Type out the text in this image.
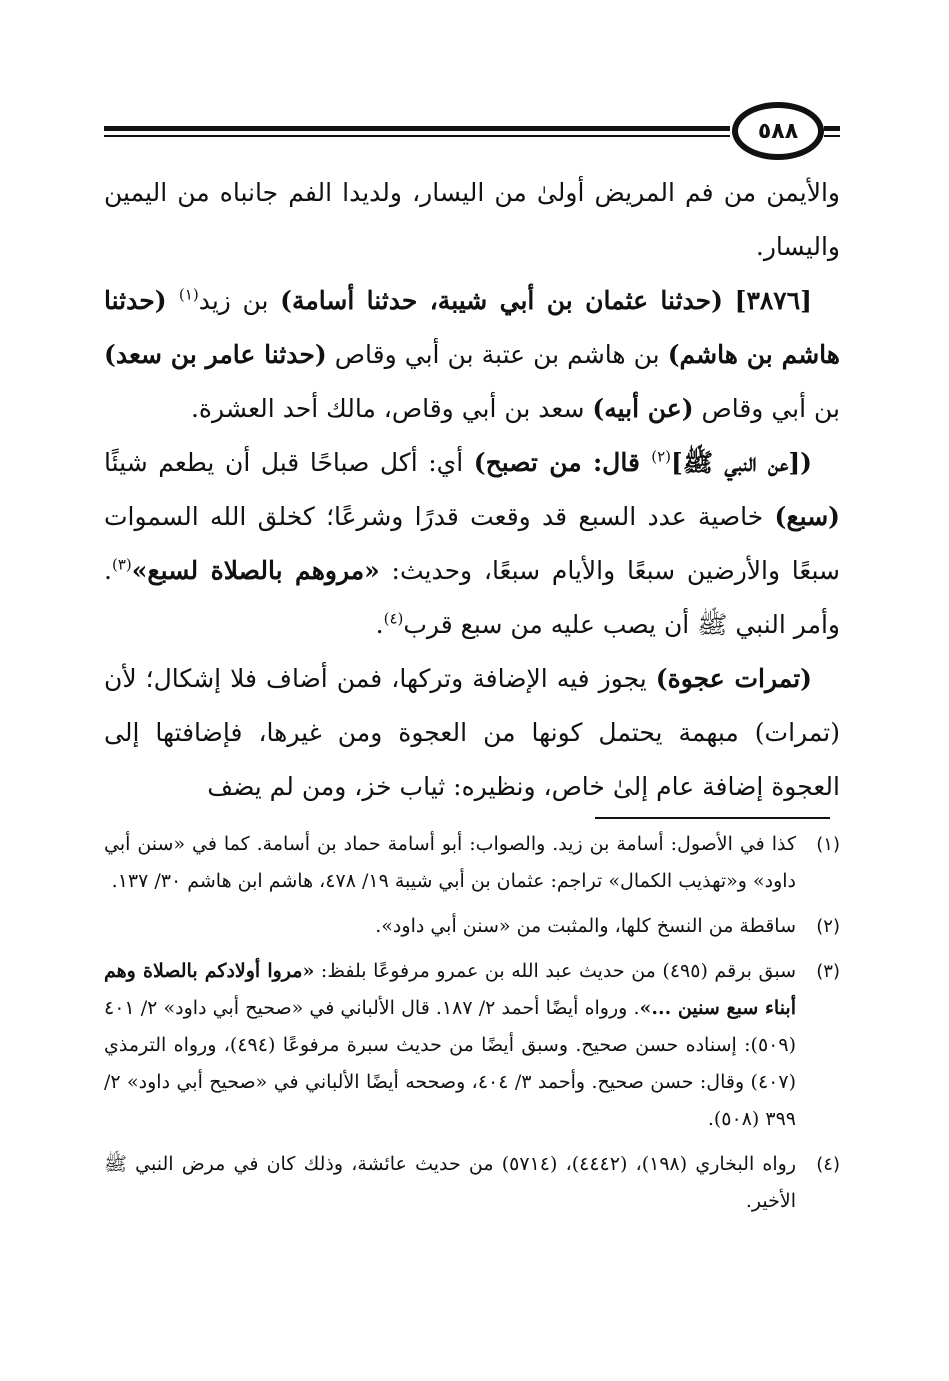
٥٨٨

والأيمن من فم المريض أولىٰ من اليسار، ولديدا الفم جانباه من اليمين واليسار.

[٣٨٧٦] (حدثنا عثمان بن أبي شيبة، حدثنا أسامة) بن زيد$^{(١)}$ (حدثنا هاشم بن هاشم) بن هاشم بن عتبة بن أبي وقاص (حدثنا عامر بن سعد) بن أبي وقاص (عن أبيه) سعد بن أبي وقاص، مالك أحد العشرة.

([عن النبي ﷺ]$^{(٢)}$ قال: من تصبح) أي: أكل صباحًا قبل أن يطعم شيئًا (سبع) خاصية عدد السبع قد وقعت قدرًا وشرعًا؛ كخلق الله السموات سبعًا والأرضين سبعًا والأيام سبعًا، وحديث: «مروهم بالصلاة لسبع»$^{(٣)}$. وأمر النبي ﷺ أن يصب عليه من سبع قرب$^{(٤)}$.

(تمرات عجوة) يجوز فيه الإضافة وتركها، فمن أضاف فلا إشكال؛ لأن (تمرات) مبهمة يحتمل كونها من العجوة ومن غيرها، فإضافتها إلى العجوة إضافة عام إلىٰ خاص، ونظيره: ثياب خز، ومن لم يضف

(١)
كذا في الأصول: أسامة بن زيد. والصواب: أبو أسامة حماد بن أسامة. كما في «سنن أبي داود» و«تهذيب الكمال» تراجم: عثمان بن أبي شيبة ١٩/ ٤٧٨، هاشم ابن هاشم ٣٠/ ١٣٧.
(٢)
ساقطة من النسخ كلها، والمثبت من «سنن أبي داود».
(٣)
سبق برقم (٤٩٥) من حديث عبد الله بن عمرو مرفوعًا بلفظ: «مروا أولادكم بالصلاة وهم أبناء سبع سنين ...». ورواه أيضًا أحمد ٢/ ١٨٧. قال الألباني في «صحيح أبي داود» ٢/ ٤٠١ (٥٠٩): إسناده حسن صحيح. وسبق أيضًا من حديث سبرة مرفوعًا (٤٩٤)، ورواه الترمذي (٤٠٧) وقال: حسن صحيح. وأحمد ٣/ ٤٠٤، وصححه أيضًا الألباني في «صحيح أبي داود» ٢/ ٣٩٩ (٥٠٨).
(٤)
رواه البخاري (١٩٨)، (٤٤٤٢)، (٥٧١٤) من حديث عائشة، وذلك كان في مرض النبي ﷺ الأخير.
